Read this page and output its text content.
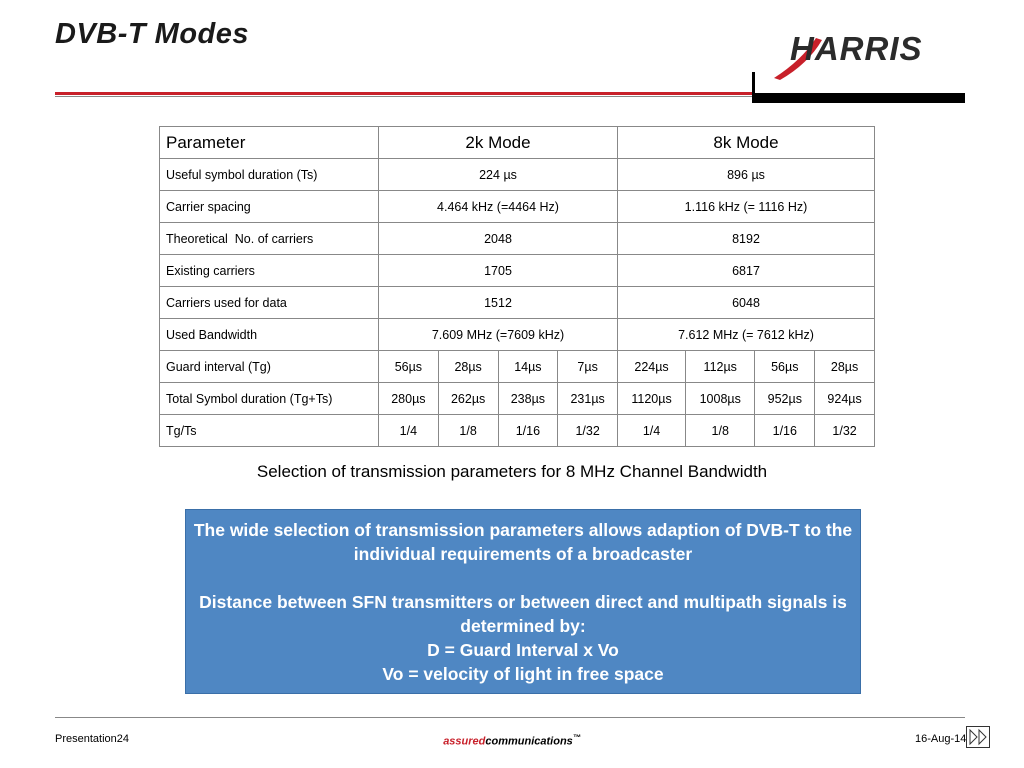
DVB-T Modes	HARRIS
Parameter	2k Mode				8k Mode			
Useful symbol duration (Ts)	224 µs				896 µs			
Carrier spacing	4.464 kHz (=4464 Hz)				1.116 kHz (= 1116 Hz)			
Theoretical  No. of carriers	2048				8192			
Existing carriers	1705				6817			
Carriers used for data	1512				6048			
Used Bandwidth	7.609 MHz (=7609 kHz)				7.612 MHz (= 7612 kHz)			
Guard interval (Tg)	56µs	28µs	14µs	7µs	224µs	112µs	56µs	28µs
Total Symbol duration (Tg+Ts)	280µs	262µs	238µs	231µs	1120µs	1008µs	952µs	924µs
Tg/Ts	1/4	1/8	1/16	1/32	1/4	1/8	1/16	1/32
Selection of transmission parameters for 8 MHz Channel Bandwidth

The wide selection of transmission parameters allows adaption of DVB-T to the individual requirements of a broadcaster

Distance between SFN transmitters or between direct and multipath signals is determined by:

D = Guard Interval x Vo

Vo = velocity of light in free space

Presentation24	assuredcommunications™	16-Aug-14
